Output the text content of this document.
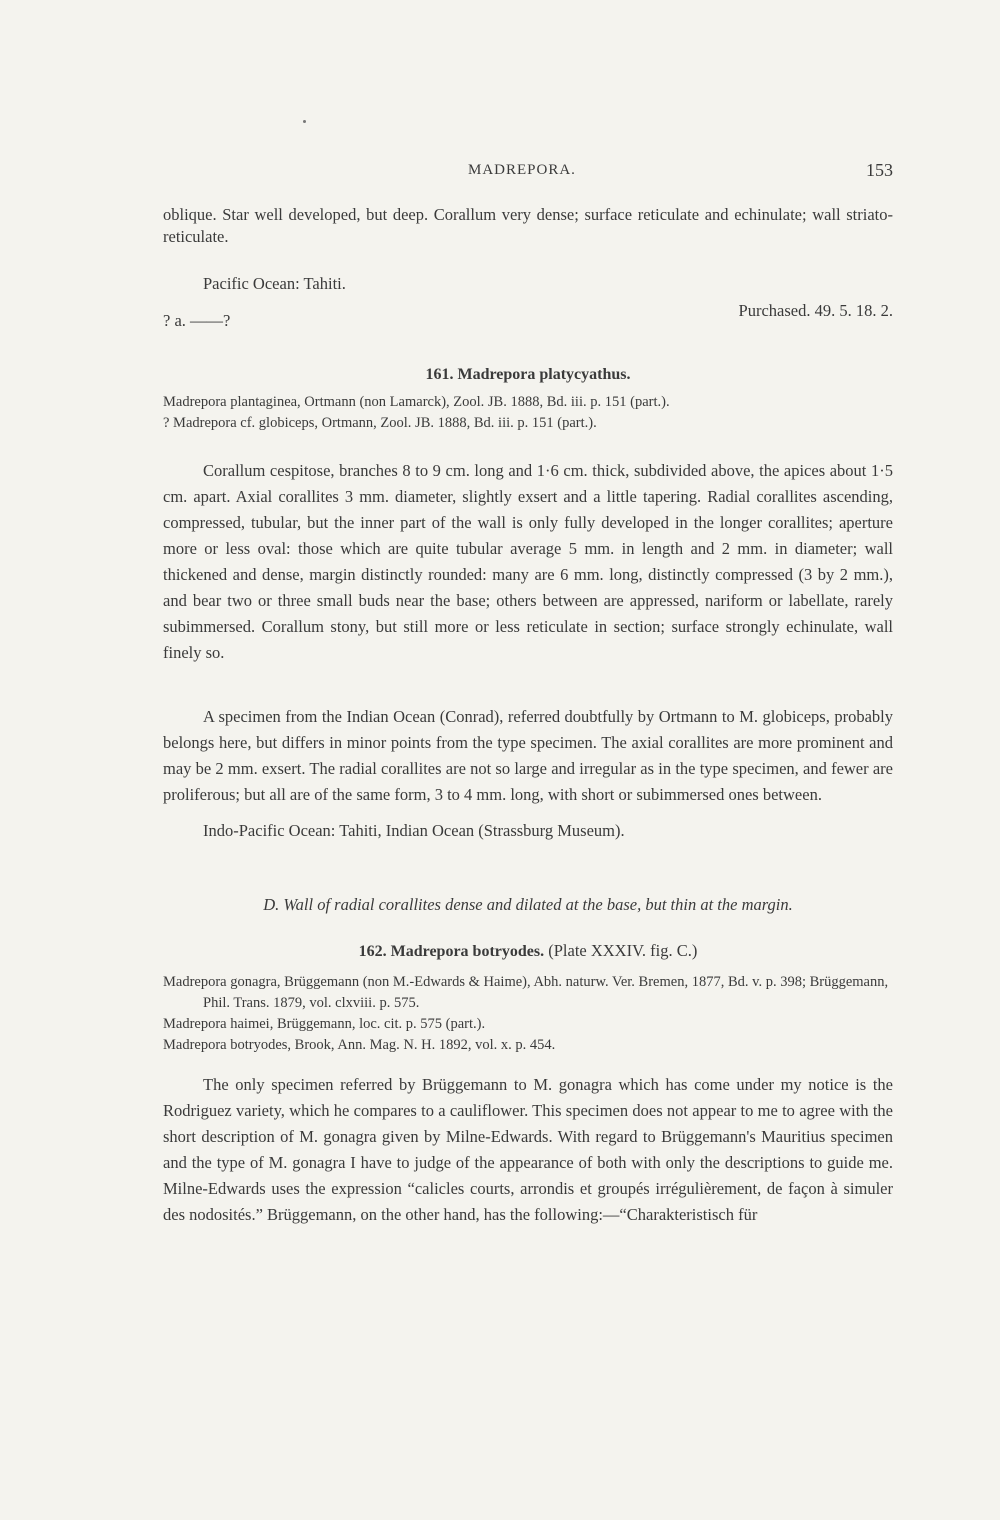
MADREPORA.	153
oblique. Star well developed, but deep. Corallum very dense; surface reticulate and echinulate; wall striato-reticulate.
Pacific Ocean: Tahiti.
? a. ——?
Purchased. 49. 5. 18. 2.
161. Madrepora platycyathus.
Madrepora plantaginea, Ortmann (non Lamarck), Zool. JB. 1888, Bd. iii. p. 151 (part.).
? Madrepora cf. globiceps, Ortmann, Zool. JB. 1888, Bd. iii. p. 151 (part.).
Corallum cespitose, branches 8 to 9 cm. long and 1·6 cm. thick, subdivided above, the apices about 1·5 cm. apart. Axial corallites 3 mm. diameter, slightly exsert and a little tapering. Radial corallites ascending, compressed, tubular, but the inner part of the wall is only fully developed in the longer corallites; aperture more or less oval: those which are quite tubular average 5 mm. in length and 2 mm. in diameter; wall thickened and dense, margin distinctly rounded: many are 6 mm. long, distinctly compressed (3 by 2 mm.), and bear two or three small buds near the base; others between are appressed, nariform or labellate, rarely subimmersed. Corallum stony, but still more or less reticulate in section; surface strongly echinulate, wall finely so.
A specimen from the Indian Ocean (Conrad), referred doubtfully by Ortmann to M. globiceps, probably belongs here, but differs in minor points from the type specimen. The axial corallites are more prominent and may be 2 mm. exsert. The radial corallites are not so large and irregular as in the type specimen, and fewer are proliferous; but all are of the same form, 3 to 4 mm. long, with short or subimmersed ones between.
Indo-Pacific Ocean: Tahiti, Indian Ocean (Strassburg Museum).
D. Wall of radial corallites dense and dilated at the base, but thin at the margin.
162. Madrepora botryodes. (Plate XXXIV. fig. C.)
Madrepora gonagra, Brüggemann (non M.-Edwards & Haime), Abh. naturw. Ver. Bremen, 1877, Bd. v. p. 398; Brüggemann, Phil. Trans. 1879, vol. clxviii. p. 575.
Madrepora haimei, Brüggemann, loc. cit. p. 575 (part.).
Madrepora botryodes, Brook, Ann. Mag. N. H. 1892, vol. x. p. 454.
The only specimen referred by Brüggemann to M. gonagra which has come under my notice is the Rodriguez variety, which he compares to a cauliflower. This specimen does not appear to me to agree with the short description of M. gonagra given by Milne-Edwards. With regard to Brüggemann's Mauritius specimen and the type of M. gonagra I have to judge of the appearance of both with only the descriptions to guide me. Milne-Edwards uses the expression “calicles courts, arrondis et groupés irrégulièrement, de façon à simuler des nodosités.” Brüggemann, on the other hand, has the following:—“Charakteristisch für
